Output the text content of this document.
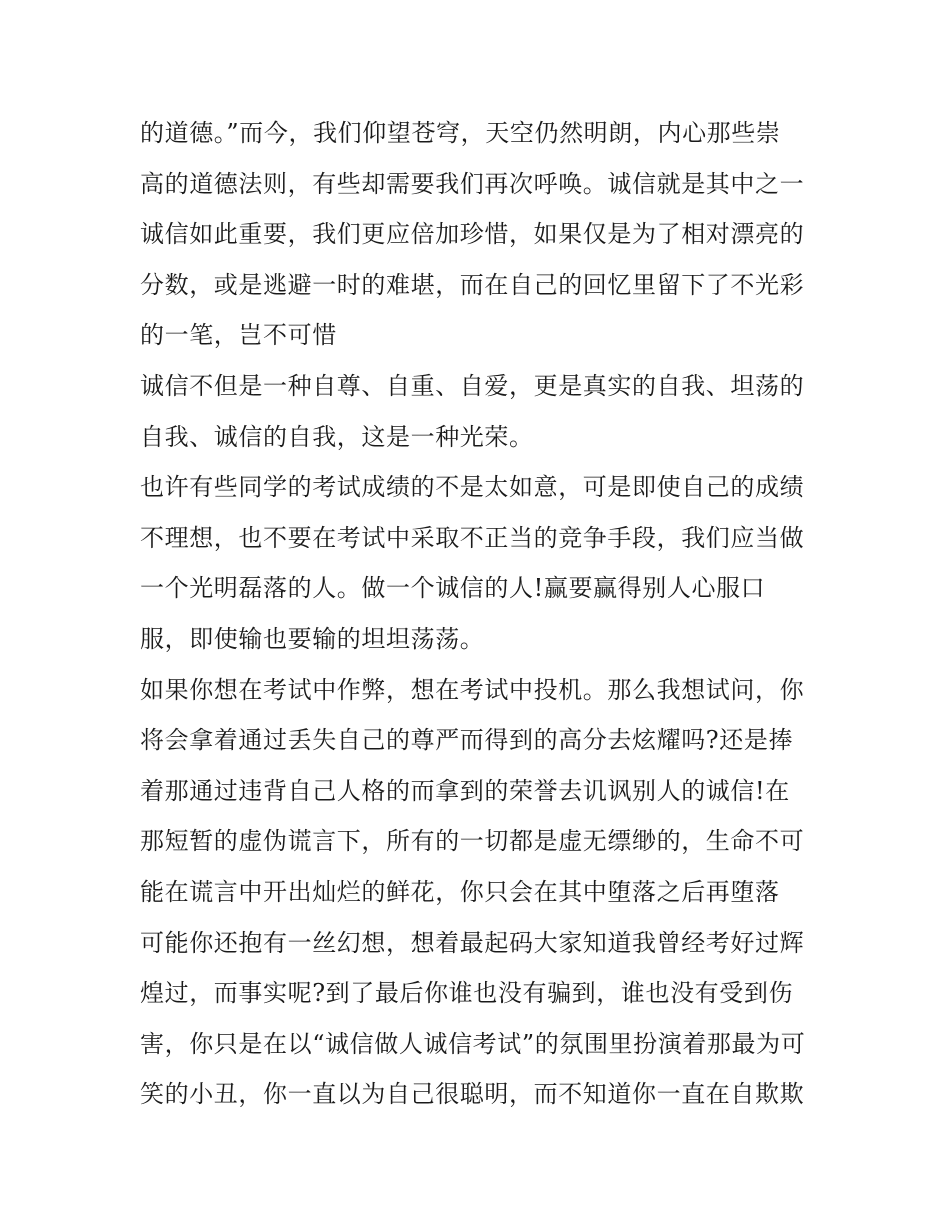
的道德。”而今，我们仰望苍穹，天空仍然明朗，内心那些崇
高的道德法则，有些却需要我们再次呼唤。诚信就是其中之一
诚信如此重要，我们更应倍加珍惜，如果仅是为了相对漂亮的
分数，或是逃避一时的难堪，而在自己的回忆里留下了不光彩
的一笔，岂不可惜
诚信不但是一种自尊、自重、自爱，更是真实的自我、坦荡的
自我、诚信的自我，这是一种光荣。
也许有些同学的考试成绩的不是太如意，可是即使自己的成绩
不理想，也不要在考试中采取不正当的竞争手段，我们应当做
一个光明磊落的人。做一个诚信的人!赢要赢得别人心服口
服，即使输也要输的坦坦荡荡。
如果你想在考试中作弊，想在考试中投机。那么我想试问，你
将会拿着通过丢失自己的尊严而得到的高分去炫耀吗?还是捧
着那通过违背自己人格的而拿到的荣誉去讥讽别人的诚信!在
那短暂的虚伪谎言下，所有的一切都是虚无缥缈的，生命不可
能在谎言中开出灿烂的鲜花，你只会在其中堕落之后再堕落
可能你还抱有一丝幻想，想着最起码大家知道我曾经考好过辉
煌过，而事实呢?到了最后你谁也没有骗到，谁也没有受到伤
害，你只是在以“诚信做人诚信考试”的氛围里扮演着那最为可
笑的小丑，你一直以为自己很聪明，而不知道你一直在自欺欺
